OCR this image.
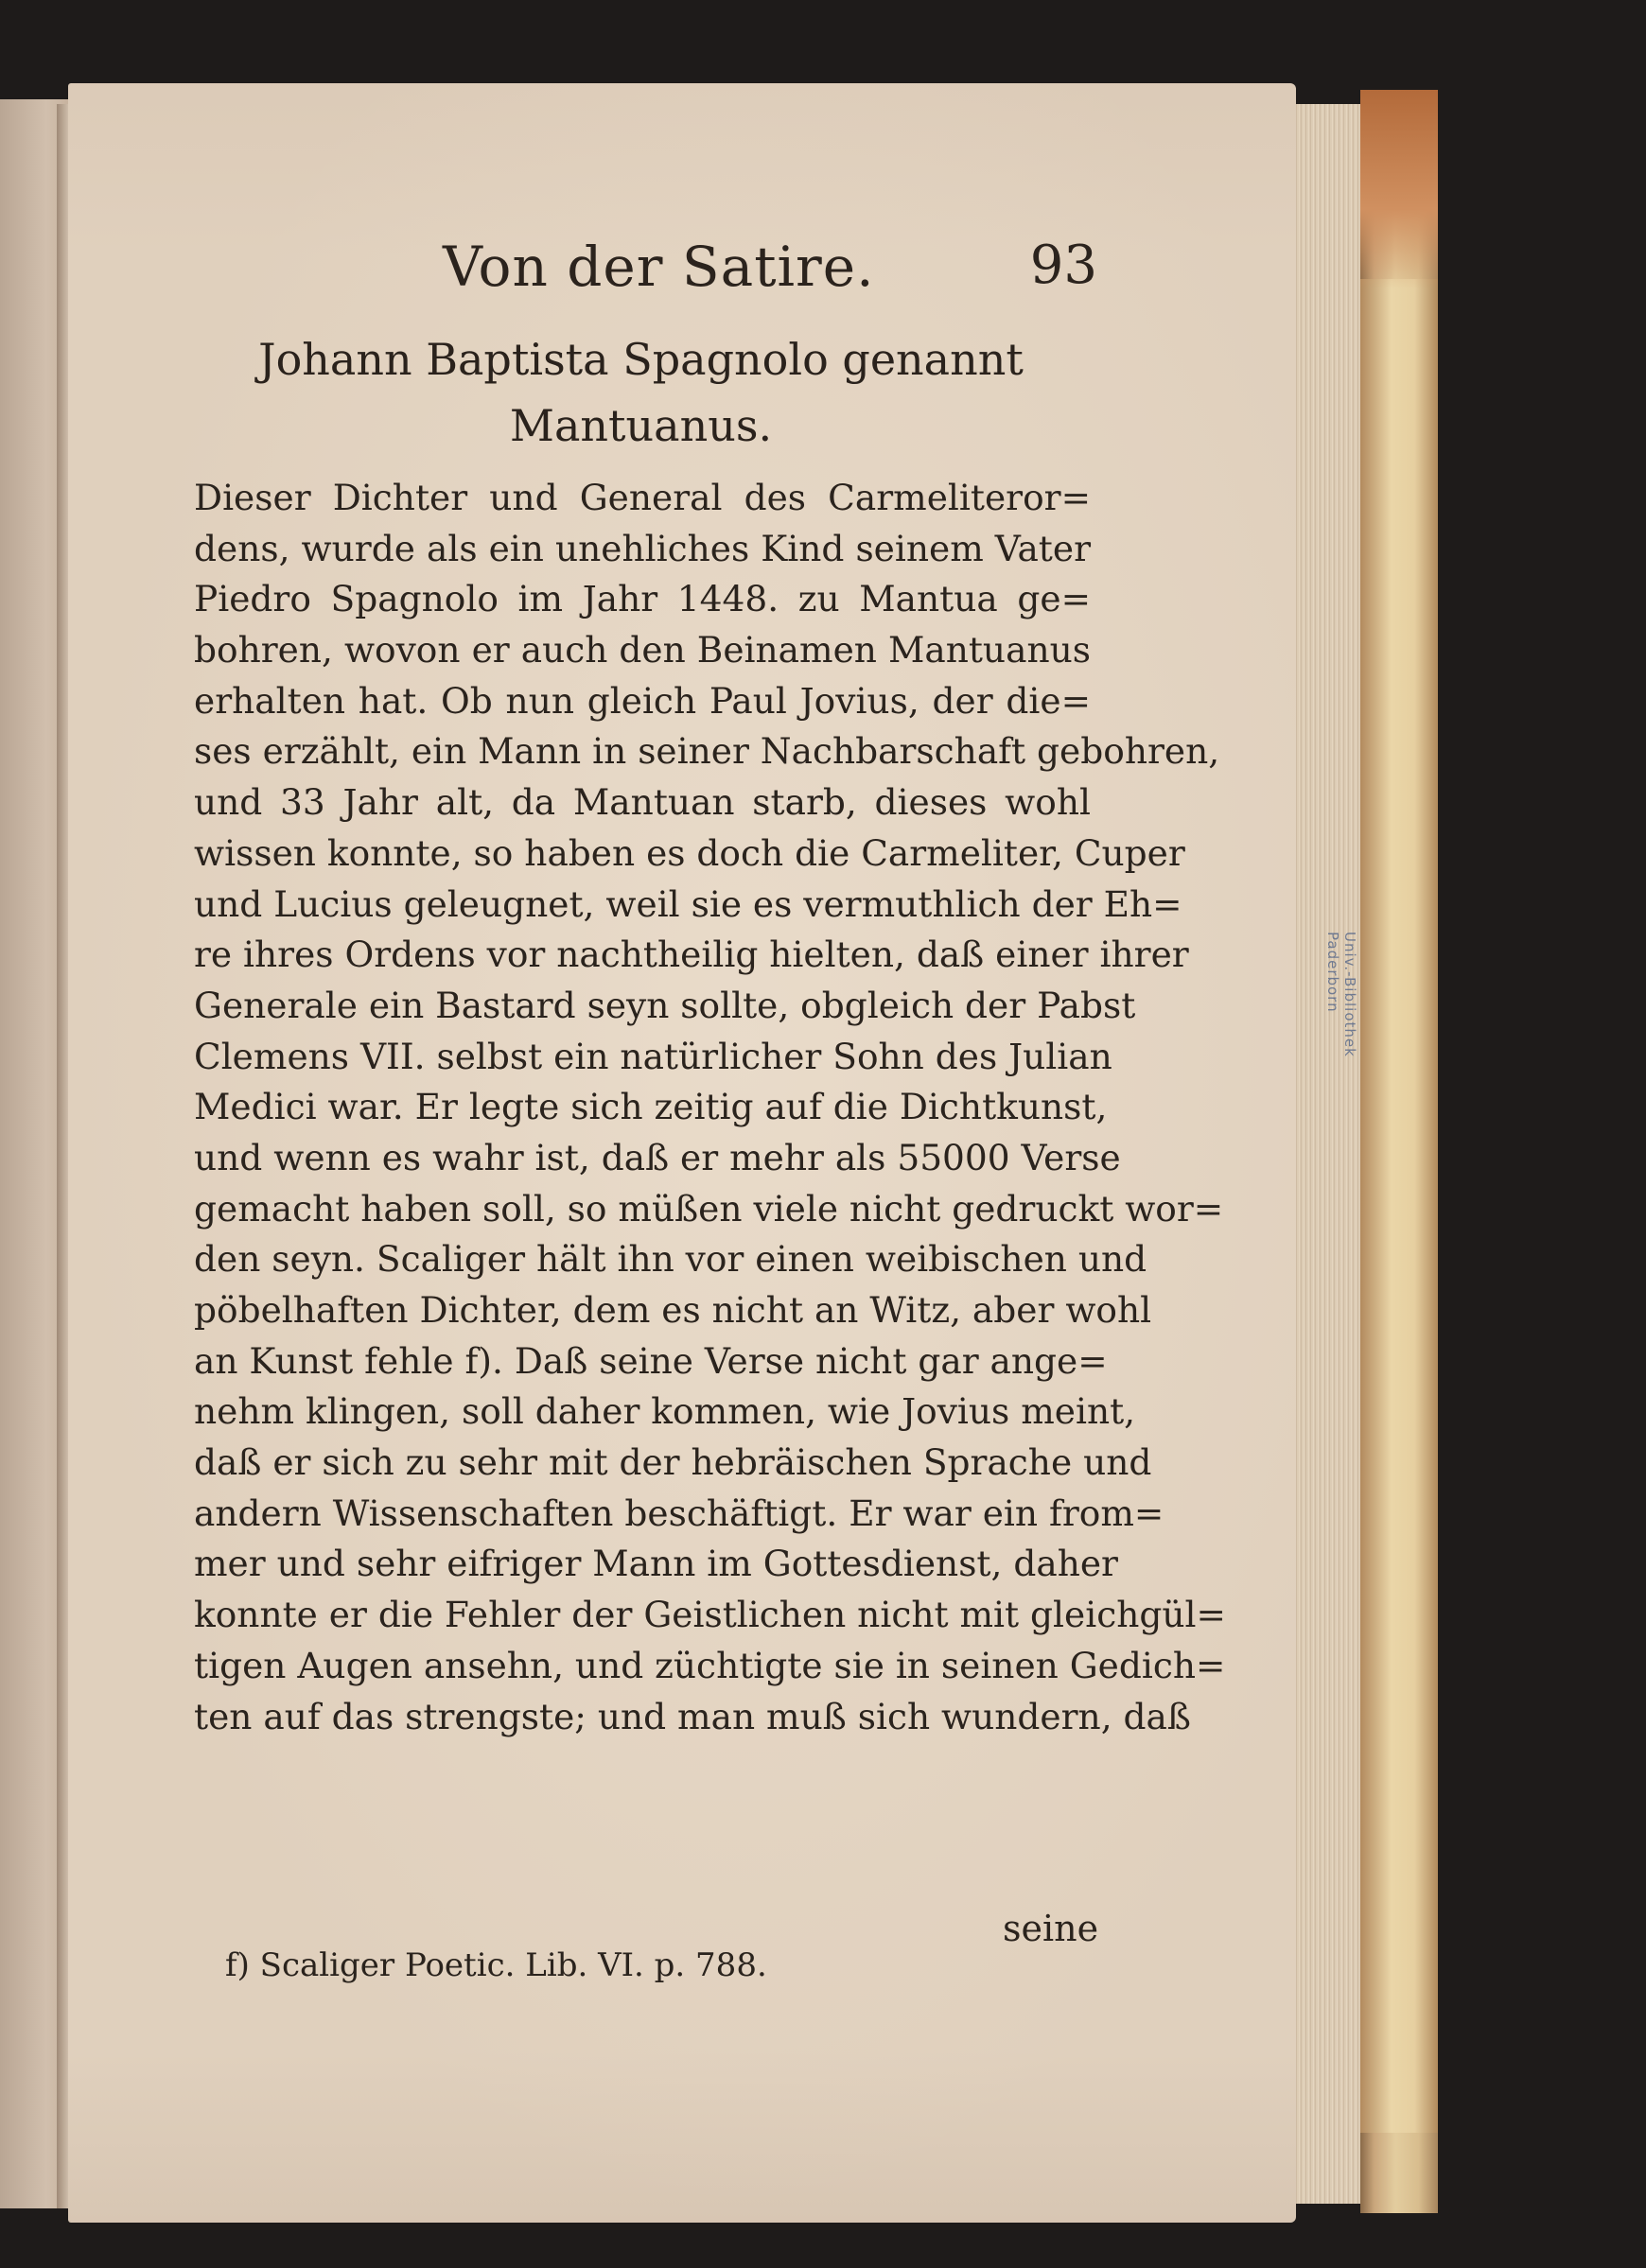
Univ.-Bibliothek
Paderborn
Von der Satire.	93
Johann Baptista Spagnolo genannt
Mantuanus.
Dieser Dichter und General des Carmeliteror=
dens, wurde als ein unehliches Kind seinem Vater
Piedro Spagnolo im Jahr 1448. zu Mantua ge=
bohren, wovon er auch den Beinamen Mantuanus
erhalten hat. Ob nun gleich Paul Jovius, der die=
ses erzählt, ein Mann in seiner Nachbarschaft gebohren,
und 33 Jahr alt, da Mantuan starb, dieses wohl
wissen konnte, so haben es doch die Carmeliter, Cuper
und Lucius geleugnet, weil sie es vermuthlich der Eh=
re ihres Ordens vor nachtheilig hielten, daß einer ihrer
Generale ein Bastard seyn sollte, obgleich der Pabst
Clemens VII. selbst ein natürlicher Sohn des Julian
Medici war. Er legte sich zeitig auf die Dichtkunst,
und wenn es wahr ist, daß er mehr als 55000 Verse
gemacht haben soll, so müßen viele nicht gedruckt wor=
den seyn. Scaliger hält ihn vor einen weibischen und
pöbelhaften Dichter, dem es nicht an Witz, aber wohl
an Kunst fehle f). Daß seine Verse nicht gar ange=
nehm klingen, soll daher kommen, wie Jovius meint,
daß er sich zu sehr mit der hebräischen Sprache und
andern Wissenschaften beschäftigt. Er war ein from=
mer und sehr eifriger Mann im Gottesdienst, daher
konnte er die Fehler der Geistlichen nicht mit gleichgül=
tigen Augen ansehn, und züchtigte sie in seinen Gedich=
ten auf das strengste; und man muß sich wundern, daß
seine
f) Scaliger Poetic. Lib. VI. p. 788.
